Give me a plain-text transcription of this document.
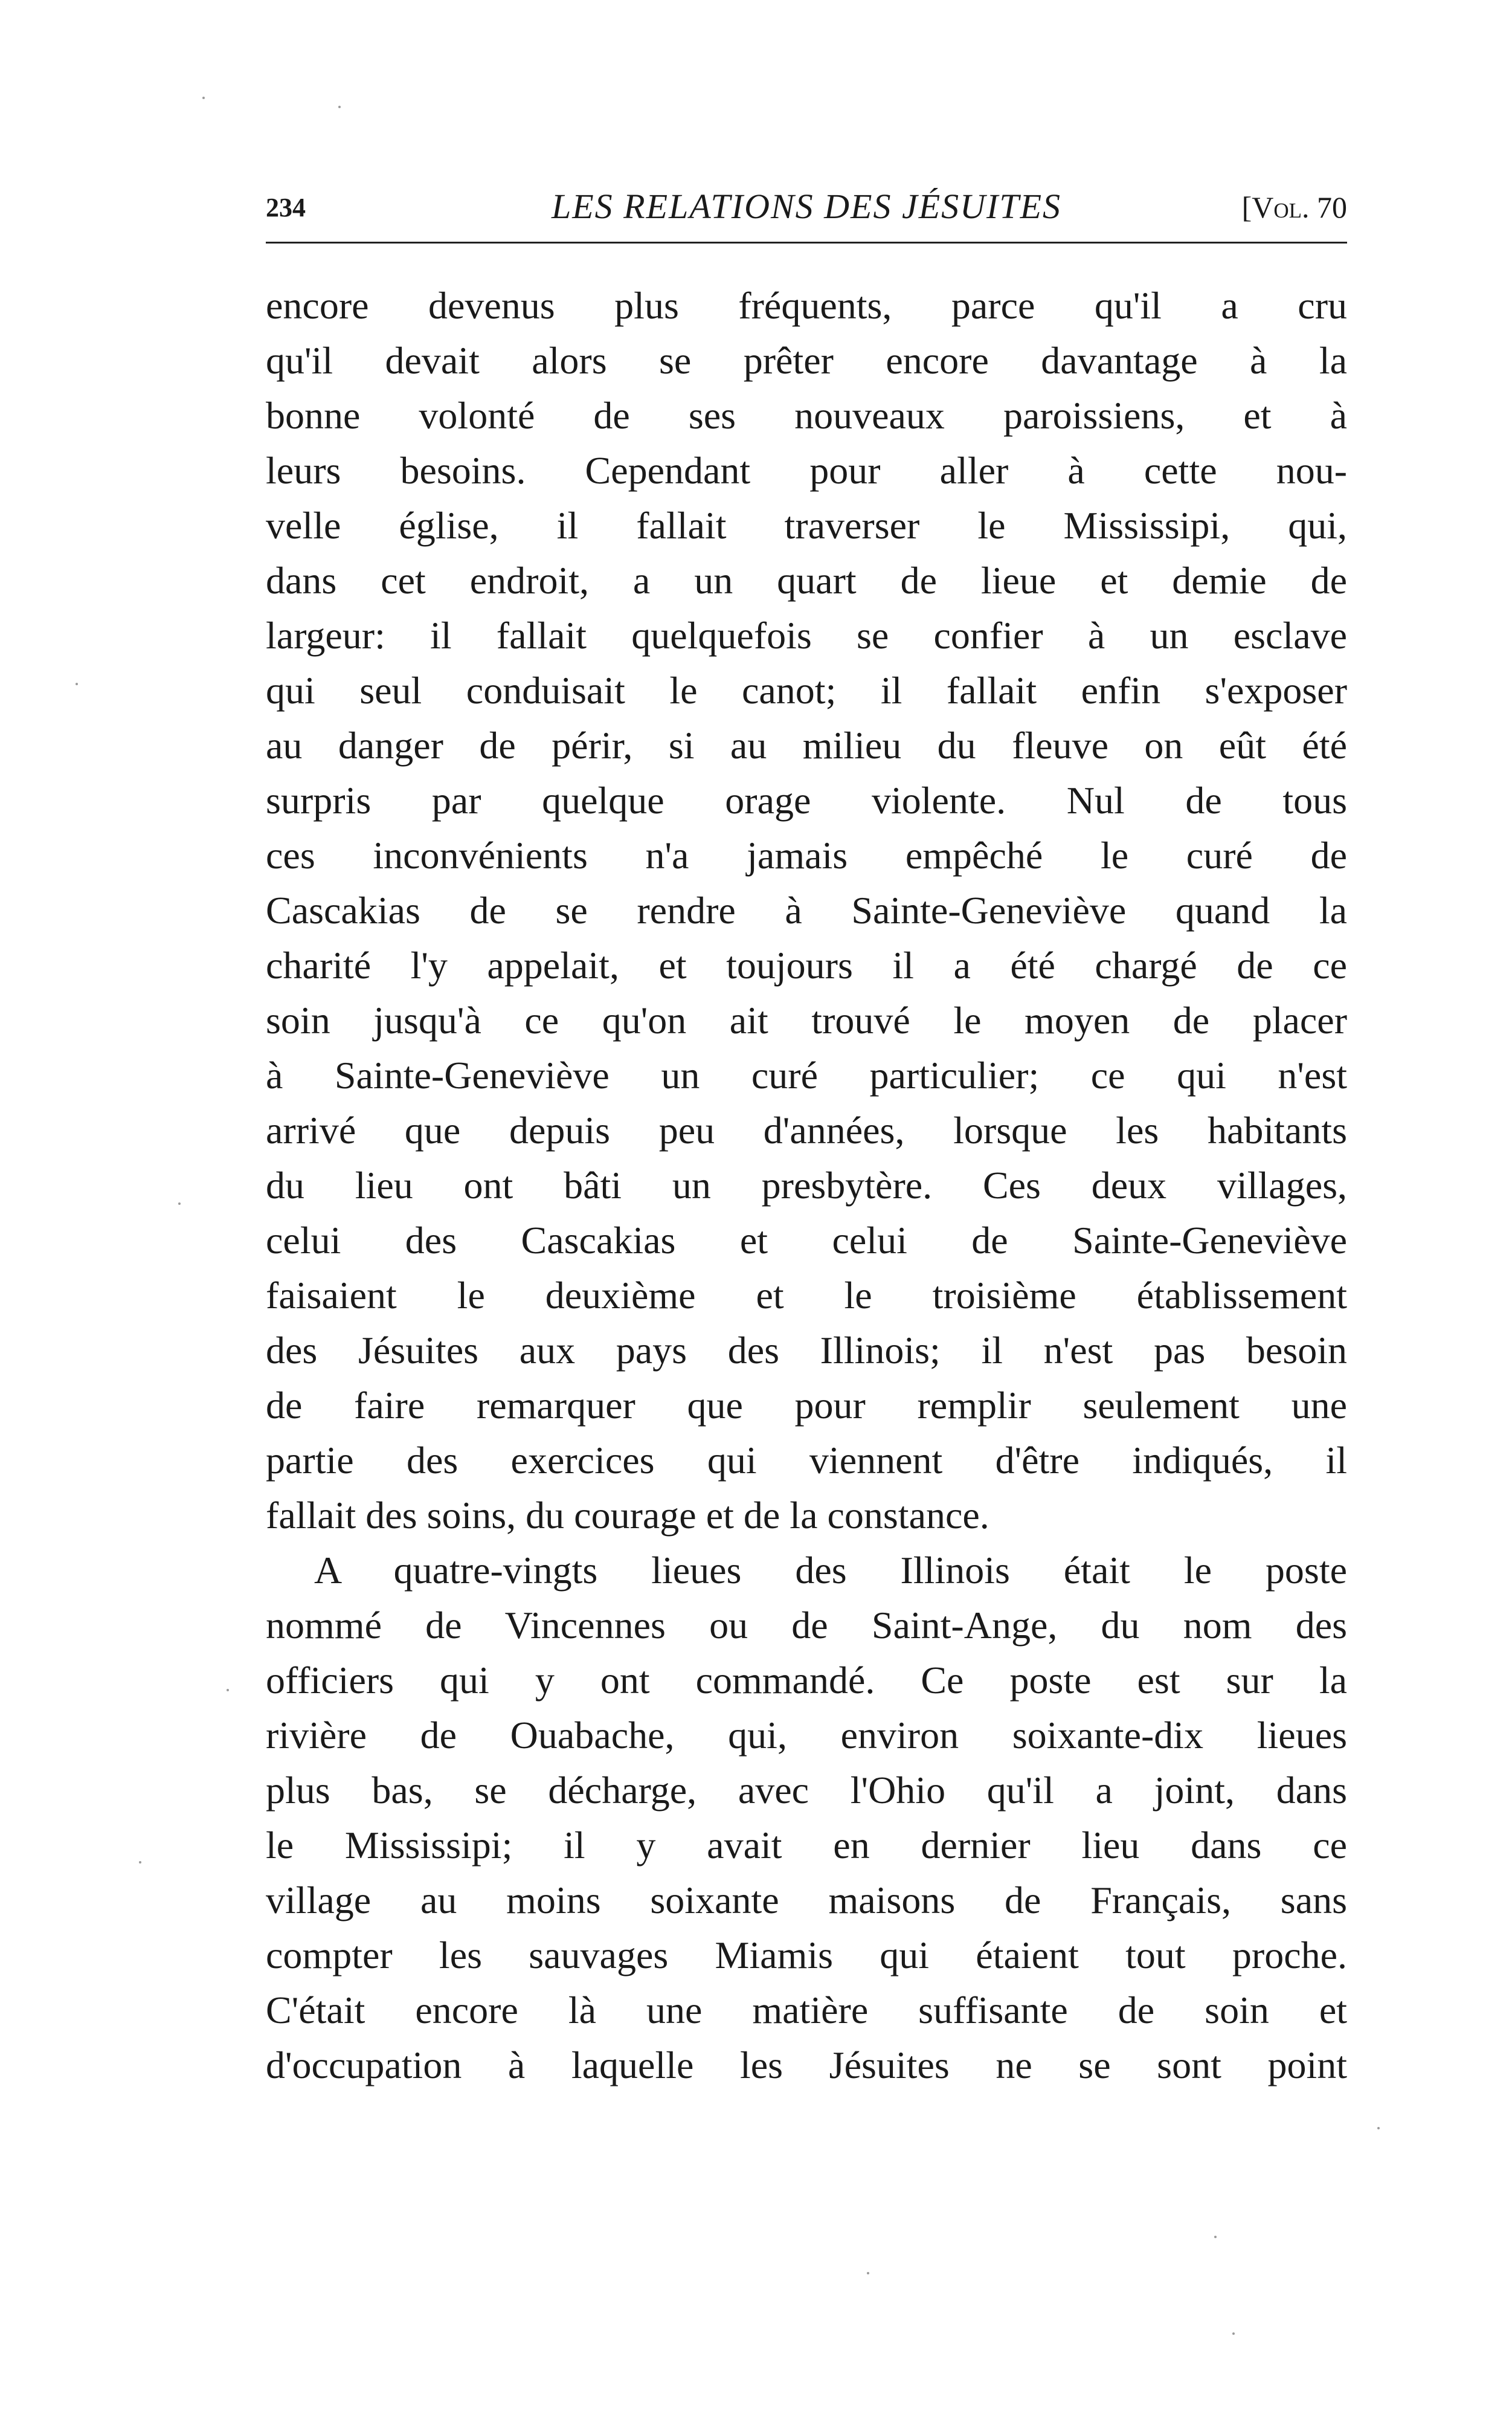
234	LES RELATIONS DES JÉSUITES	[Vol. 70
encore devenus plus fréquents, parce qu'il a cru
qu'il devait alors se prêter encore davantage à la
bonne volonté de ses nouveaux paroissiens, et à
leurs besoins. Cependant pour aller à cette nou-
velle église, il fallait traverser le Mississipi, qui,
dans cet endroit, a un quart de lieue et demie de
largeur: il fallait quelquefois se confier à un esclave
qui seul conduisait le canot; il fallait enfin s'exposer
au danger de périr, si au milieu du fleuve on eût été
surpris par quelque orage violente. Nul de tous
ces inconvénients n'a jamais empêché le curé de
Cascakias de se rendre à Sainte-Geneviève quand la
charité l'y appelait, et toujours il a été chargé de ce
soin jusqu'à ce qu'on ait trouvé le moyen de placer
à Sainte-Geneviève un curé particulier; ce qui n'est
arrivé que depuis peu d'années, lorsque les habitants
du lieu ont bâti un presbytère. Ces deux villages,
celui des Cascakias et celui de Sainte-Geneviève
faisaient le deuxième et le troisième établissement
des Jésuites aux pays des Illinois; il n'est pas besoin
de faire remarquer que pour remplir seulement une
partie des exercices qui viennent d'être indiqués, il
fallait des soins, du courage et de la constance.
A quatre-vingts lieues des Illinois était le poste
nommé de Vincennes ou de Saint-Ange, du nom des
officiers qui y ont commandé. Ce poste est sur la
rivière de Ouabache, qui, environ soixante-dix lieues
plus bas, se décharge, avec l'Ohio qu'il a joint, dans
le Mississipi; il y avait en dernier lieu dans ce
village au moins soixante maisons de Français, sans
compter les sauvages Miamis qui étaient tout proche.
C'était encore là une matière suffisante de soin et
d'occupation à laquelle les Jésuites ne se sont point
